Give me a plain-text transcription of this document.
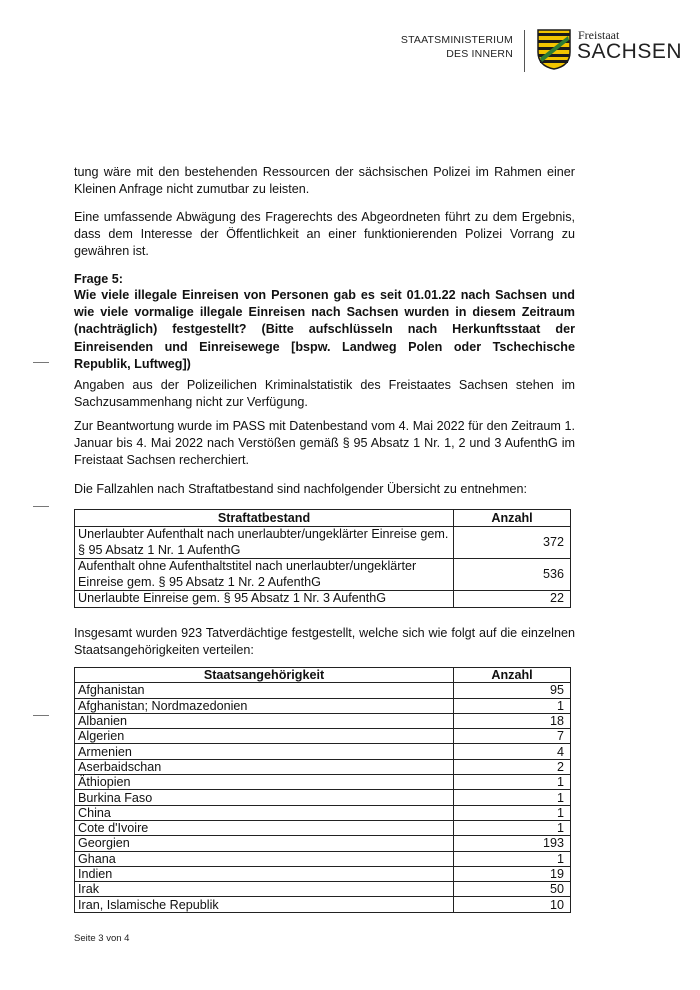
STAATSMINISTERIUM
DES INNERN
Freistaat
SACHSEN
tung wäre mit den bestehenden Ressourcen der sächsischen Polizei im Rahmen einer Kleinen Anfrage nicht zumutbar zu leisten.
Eine umfassende Abwägung des Fragerechts des Abgeordneten führt zu dem Ergebnis, dass dem Interesse der Öffentlichkeit an einer funktionierenden Polizei Vorrang zu gewähren ist.
Frage 5:
Wie viele illegale Einreisen von Personen gab es seit 01.01.22 nach Sachsen und wie viele vormalige illegale Einreisen nach Sachsen wurden in diesem Zeitraum (nachträglich) festgestellt? (Bitte aufschlüsseln nach Herkunftsstaat der Einreisenden und Einreisewege [bspw. Landweg Polen oder Tschechische Republik, Luftweg])
Angaben aus der Polizeilichen Kriminalstatistik des Freistaates Sachsen stehen im Sachzusammenhang nicht zur Verfügung.
Zur Beantwortung wurde im PASS mit Datenbestand vom 4. Mai 2022 für den Zeitraum 1. Januar bis 4. Mai 2022 nach Verstößen gemäß § 95 Absatz 1 Nr. 1, 2 und 3 AufenthG im Freistaat Sachsen recherchiert.
Die Fallzahlen nach Straftatbestand sind nachfolgender Übersicht zu entnehmen:
Straftatbestand	Anzahl
Unerlaubter Aufenthalt nach unerlaubter/ungeklärter Einreise gem. § 95 Absatz 1 Nr. 1 AufenthG	372
Aufenthalt ohne Aufenthaltstitel nach unerlaubter/ungeklärter Einreise gem. § 95 Absatz 1 Nr. 2 AufenthG	536
Unerlaubte Einreise gem. § 95 Absatz 1 Nr. 3 AufenthG	22
Insgesamt wurden 923 Tatverdächtige festgestellt, welche sich wie folgt auf die einzelnen Staatsangehörigkeiten verteilen:
Staatsangehörigkeit	Anzahl
Afghanistan	95
Afghanistan; Nordmazedonien	1
Albanien	18
Algerien	7
Armenien	4
Aserbaidschan	2
Äthiopien	1
Burkina Faso	1
China	1
Cote d'Ivoire	1
Georgien	193
Ghana	1
Indien	19
Irak	50
Iran, Islamische Republik	10
Seite 3 von 4
